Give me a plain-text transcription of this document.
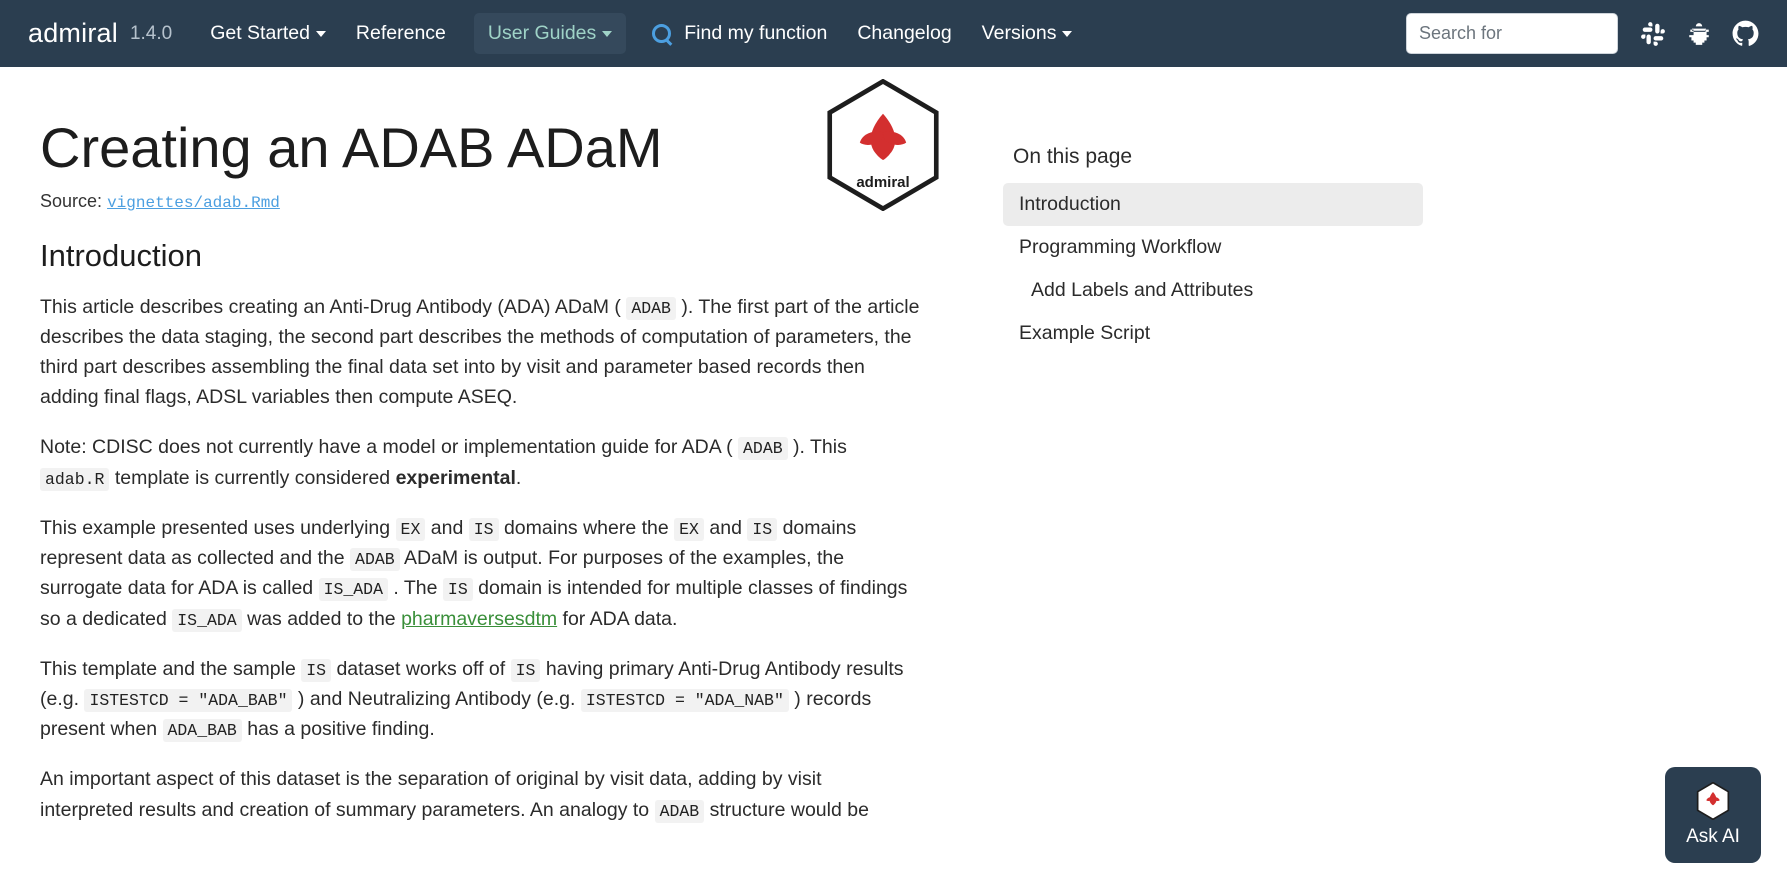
admiral 1.4.0 Get Started	Reference	User Guides	Find my function Changelog Versions	Search for
admiral
Creating an ADAB ADaM
Source: vignettes/adab.Rmd
Introduction

This article describes creating an Anti-Drug Antibody (ADA) ADaM ( ADAB ). The first part of the article describes the data staging, the second part describes the methods of computation of parameters, the third part describes assembling the final data set into by visit and parameter based records then adding final flags, ADSL variables then compute ASEQ.

Note: CDISC does not currently have a model or implementation guide for ADA ( ADAB ). This adab.R template is currently considered experimental.

This example presented uses underlying EX and IS domains where the EX and IS domains represent data as collected and the ADAB ADaM is output. For purposes of the examples, the surrogate data for ADA is called IS_ADA . The IS domain is intended for multiple classes of findings so a dedicated IS_ADA was added to the pharmaversesdtm for ADA data.

This template and the sample IS dataset works off of IS having primary Anti-Drug Antibody results (e.g. ISTESTCD = "ADA_BAB" ) and Neutralizing Antibody (e.g. ISTESTCD = "ADA_NAB" ) records present when ADA_BAB has a positive finding.

An important aspect of this dataset is the separation of original by visit data, adding by visit interpreted results and creation of summary parameters. An analogy to ADAB structure would be

On this page
Introduction
Programming Workflow
Add Labels and Attributes
Example Script
Ask AI
